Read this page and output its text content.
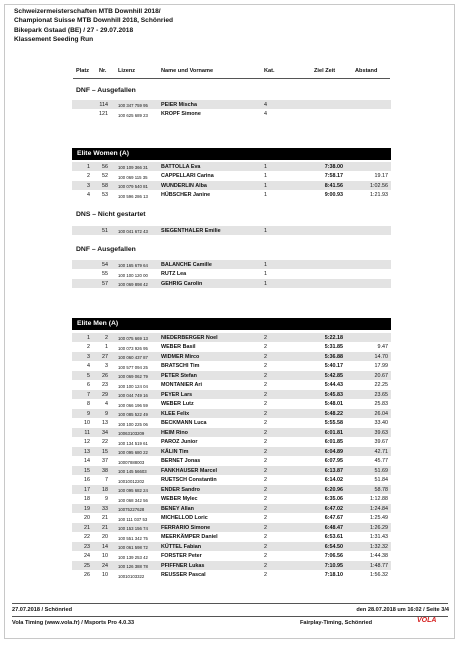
Schweizermeisterschaften MTB Downhill 2018/
Championat Suisse MTB Downhill 2018, Schönried
Bikepark Gstaad (BE) / 27 - 29.07.2018
Klassement Seeding Run
Platz Nr. Lizenz	Name und Vorname	Kat.	Ziel Zeit	Abstand
DNF – Ausgefallen
114 100 347 759 95 PEIER Mischa	4
121 100 625 689 23 KROPF Simone	4
Elite Women (A)
1	56 100 109 366 31 BATTOLLA Eva	1	7:38.00
2	52 100 069 115 35 CAPPELLARI Carina	1	7:58.17	19.17
3	58 100 079 540 81 WUNDERLIN Alba	1	8:41.56	1:02.56
4	53 100 596 286 13 HÜBSCHER Janine	1	9:00.93	1:21.93
DNS – Nicht gestartet
51 100 041 672 43 SIEGENTHALER Emilie	1
DNF – Ausgefallen
54 100 165 679 64 BALANCHE Camille	1
55 100 100 120 00 RUTZ Lea	1
57 100 069 898 42 GEHRIG Carolin	1
Elite Men (A)
1	2 100 075 669 13 NIEDERBERGER Noel	2	5:22.18
2	1 100 073 926 95 WEBER Basil	2	5:31.85	9.47
3	27 100 060 437 87 WIDMER Mirco	2	5:36.88	14.70
4	3 100 577 094 25 BRATSCHI Tim	2	5:40.17	17.99
5	26 100 069 062 79 PETER Stefan	2	5:42.85	20.67
6	23 100 100 124 04 MONTANIER Ari	2	5:44.43	22.25
7	29 100 044 749 16 PEYER Lars	2	5:45.83	23.65
8	4 100 066 196 59 WEBER Lutz	2	5:48.01	25.83
9	9 100 085 522 49 KLEE Felix	2	5:48.22	26.04
10	13 100 100 225 06 BECKMANN Luca	2	5:55.58	33.40
11	34 10063103209	HEIM Rino	2	6:01.81	39.63
12	22 100 134 519 61 PAROZ Junior	2	6:01.85	39.67
13	15 100 095 680 22 KÄLIN Tim	2	6:04.89	42.71
14	37 10007888003	BERNET Jonas	2	6:07.95	45.77
15	38 100 145 56603	FANKHAUSER Marcel	2	6:13.87	51.69
16	7 10010012202	RUETSCH Constantin	2	6:14.02	51.84
17	18 100 095 682 24 ENDER Sandro	2	6:20.96	58.78
18	9 100 068 342 56 WEBER Mylec	2	6:35.06	1:12.88
19	33 10075227628	BENEY Allan	2	6:47.02	1:24.84
20	21 100 111 037 53	MICHELLOD Loric	2	6:47.67	1:25.49
21	21 100 153 156 74 FERRARIO Simone	2	6:48.47	1:26.29
22	20 100 551 342 75 MEERKÄMPER Daniel	2	6:53.61	1:31.43
23	14 100 061 598 72 KÜTTEL Fabian	2	6:54.50	1:32.32
24	10 100 139 253 42 FORSTER Peter	2	7:06.56	1:44.38
25	24 100 126 388 78 PFIFFNER Lukas	2	7:10.95	1:48.77
26	10 10010103322	REUSSER Pascal	2	7:18.10	1:56.32
27.07.2018 / Schönried	den 28.07.2018 um 16:02 / Seite 3/4
Vola Timing (www.vola.fr) / Msports Pro 4.0.33	Fairplay-Timing, Schönried	VOLA
